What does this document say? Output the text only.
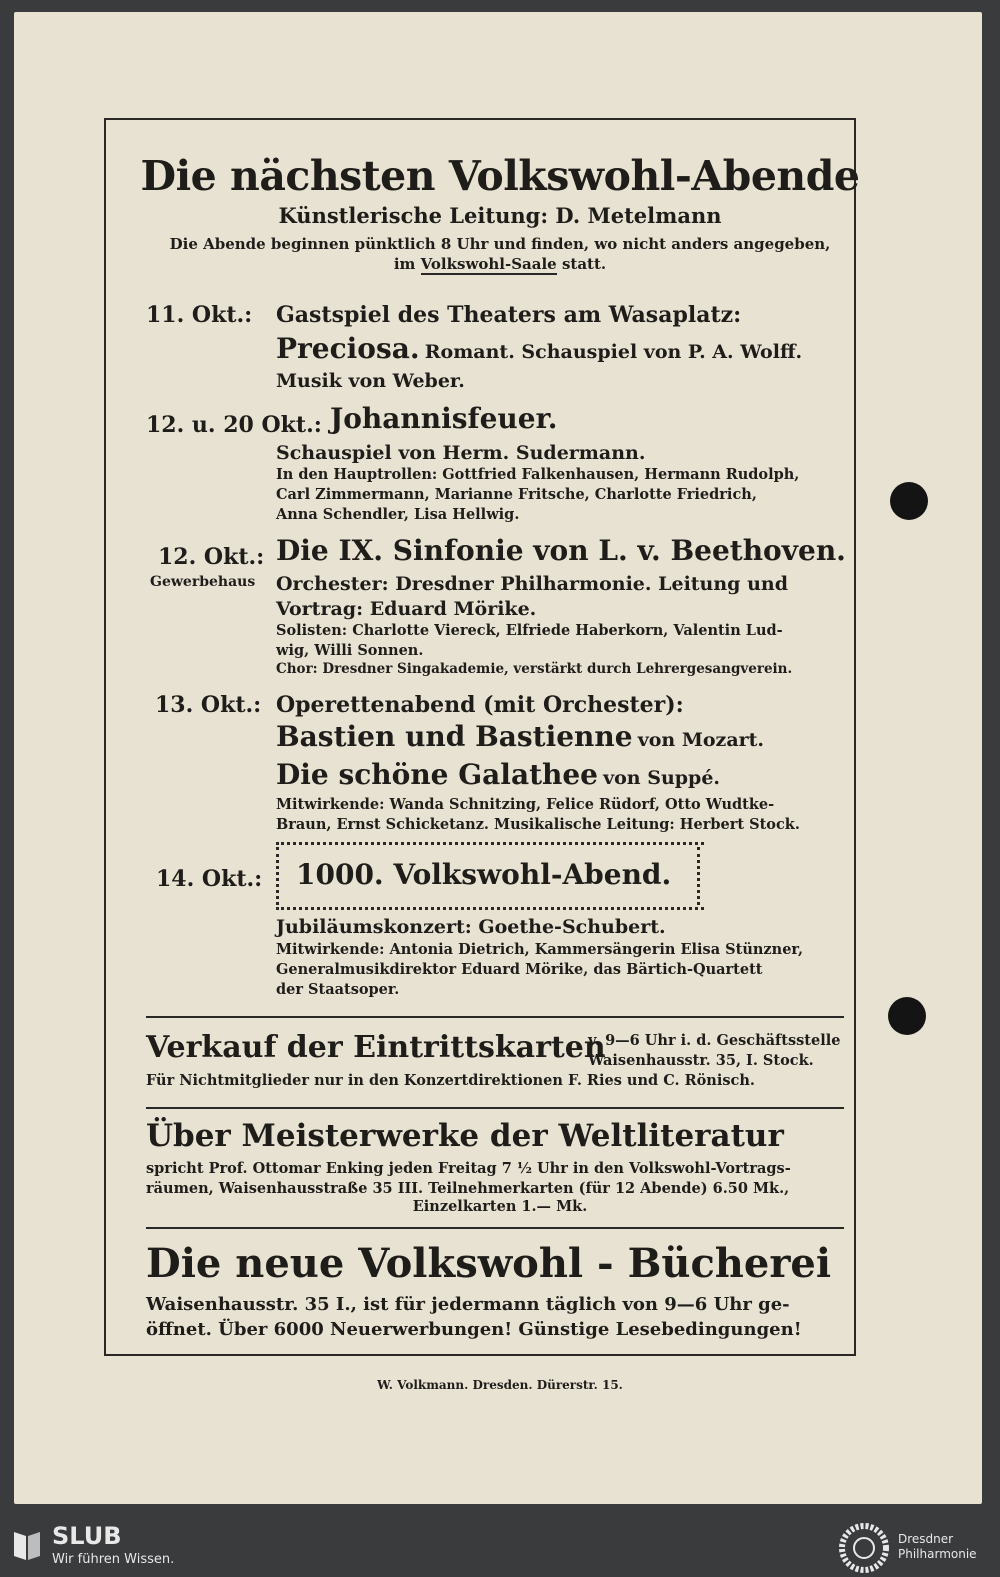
Die nächsten Volkswohl-Abende
Künstlerische Leitung: D. Metelmann
Die Abende beginnen pünktlich 8 Uhr und finden, wo nicht anders angegeben,
im Volkswohl-Saale statt.
11. Okt.: Gastspiel des Theaters am Wasaplatz:
Preciosa. Romant. Schauspiel von P. A. Wolff.
Musik von Weber.
12. u. 20 Okt.: Johannisfeuer.
Schauspiel von Herm. Sudermann.
In den Hauptrollen: Gottfried Falkenhausen, Hermann Rudolph,
Carl Zimmermann, Marianne Fritsche, Charlotte Friedrich,
Anna Schendler, Lisa Hellwig.
12. Okt.:
Gewerbehaus
Die IX. Sinfonie von L. v. Beethoven.
Orchester: Dresdner Philharmonie. Leitung und
Vortrag: Eduard Mörike.
Solisten: Charlotte Viereck, Elfriede Haberkorn, Valentin Lud-
wig, Willi Sonnen.
Chor: Dresdner Singakademie, verstärkt durch Lehrergesangverein.
13. Okt.: Operettenabend (mit Orchester):
Bastien und Bastienne von Mozart.
Die schöne Galathee von Suppé.
Mitwirkende: Wanda Schnitzing, Felice Rüdorf, Otto Wudtke-
Braun, Ernst Schicketanz. Musikalische Leitung: Herbert Stock.
14. Okt.: 1000. Volkswohl-Abend.
Jubiläumskonzert: Goethe-Schubert.
Mitwirkende: Antonia Dietrich, Kammersängerin Elisa Stünzner,
Generalmusikdirektor Eduard Mörike, das Bärtich-Quartett
der Staatsoper.
Verkauf der Eintrittskarten
v. 9—6 Uhr i. d. Geschäftsstelle
Waisenhausstr. 35, I. Stock.
Für Nichtmitglieder nur in den Konzertdirektionen F. Ries und C. Rönisch.
Über Meisterwerke der Weltliteratur
spricht Prof. Ottomar Enking jeden Freitag 7 ½ Uhr in den Volkswohl-Vortrags-
räumen, Waisenhausstraße 35 III. Teilnehmerkarten (für 12 Abende) 6.50 Mk.,
Einzelkarten 1.— Mk.
Die neue Volkswohl - Bücherei
Waisenhausstr. 35 I., ist für jedermann täglich von 9—6 Uhr ge-
öffnet. Über 6000 Neuerwerbungen! Günstige Lesebedingungen!
W. Volkmann. Dresden. Dürerstr. 15.
SLUB
Wir führen Wissen.
Dresdner
Philharmonie
